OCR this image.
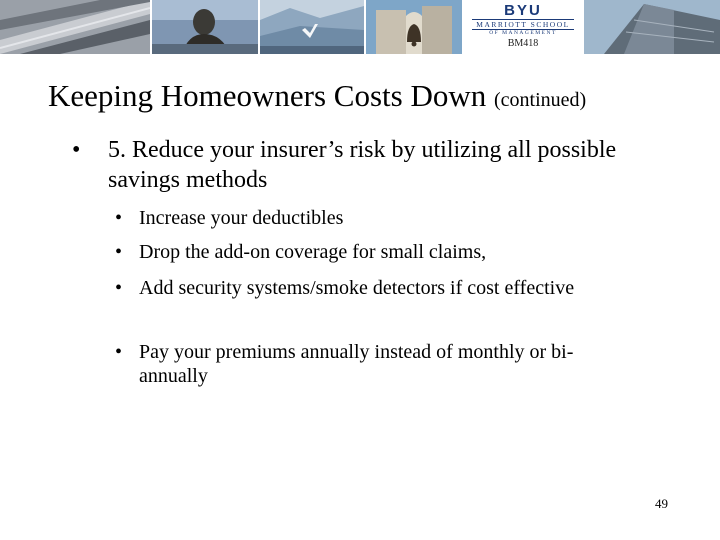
BYU
MARRIOTT SCHOOL
OF MANAGEMENT
BM418
Keeping Homeowners Costs Down (continued)
• 5. Reduce your insurer’s risk by utilizing all possible savings methods
• Increase your deductibles
• Drop the add-on coverage for small claims,
• Add security systems/smoke detectors if cost effective
• Pay your premiums annually instead of monthly or bi-annually
49
